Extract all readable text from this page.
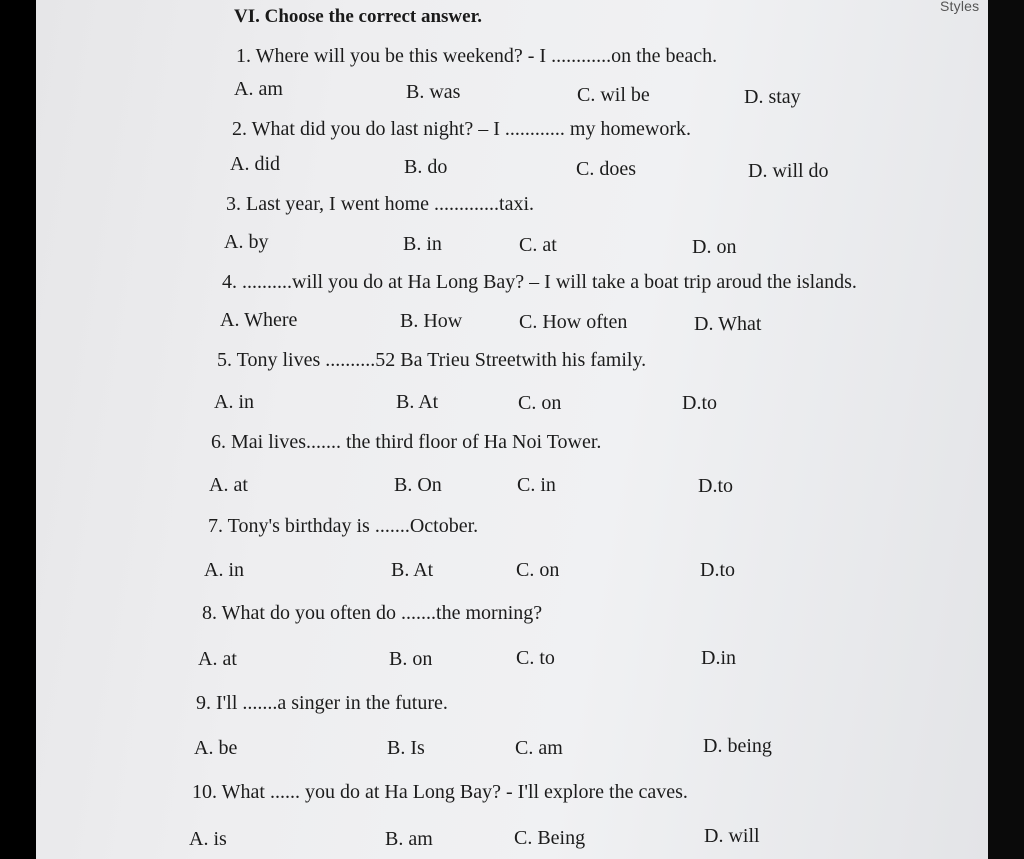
VI. Choose the correct answer.
1. Where will you be this weekend? - I ............on the beach.
A. am	B. was	C. wil be	D. stay
2. What did you do last night? – I ............ my homework.
A. did	B. do	C. does	D. will do
3. Last year, I went home .............taxi.
A. by	B. in	C. at	D. on
4. ..........will you do at Ha Long Bay? – I will take a boat trip aroud the islands.
A. Where	B. How	C. How often	D. What
5. Tony lives ..........52 Ba Trieu Streetwith his family.
A. in	B. At	C. on	D.to
6. Mai lives....... the third floor of Ha Noi Tower.
A. at	B. On	C. in	D.to
7. Tony's birthday is .......October.
A. in	B. At	C. on	D.to
8. What do you often do .......the morning?
A. at	B. on	C. to	D.in
9. I'll .......a singer in the future.
A. be	B. Is	C. am	D. being
10. What ...... you do at Ha Long Bay? - I'll explore the caves.
A. is	B. am	C. Being	D. will
Styles
